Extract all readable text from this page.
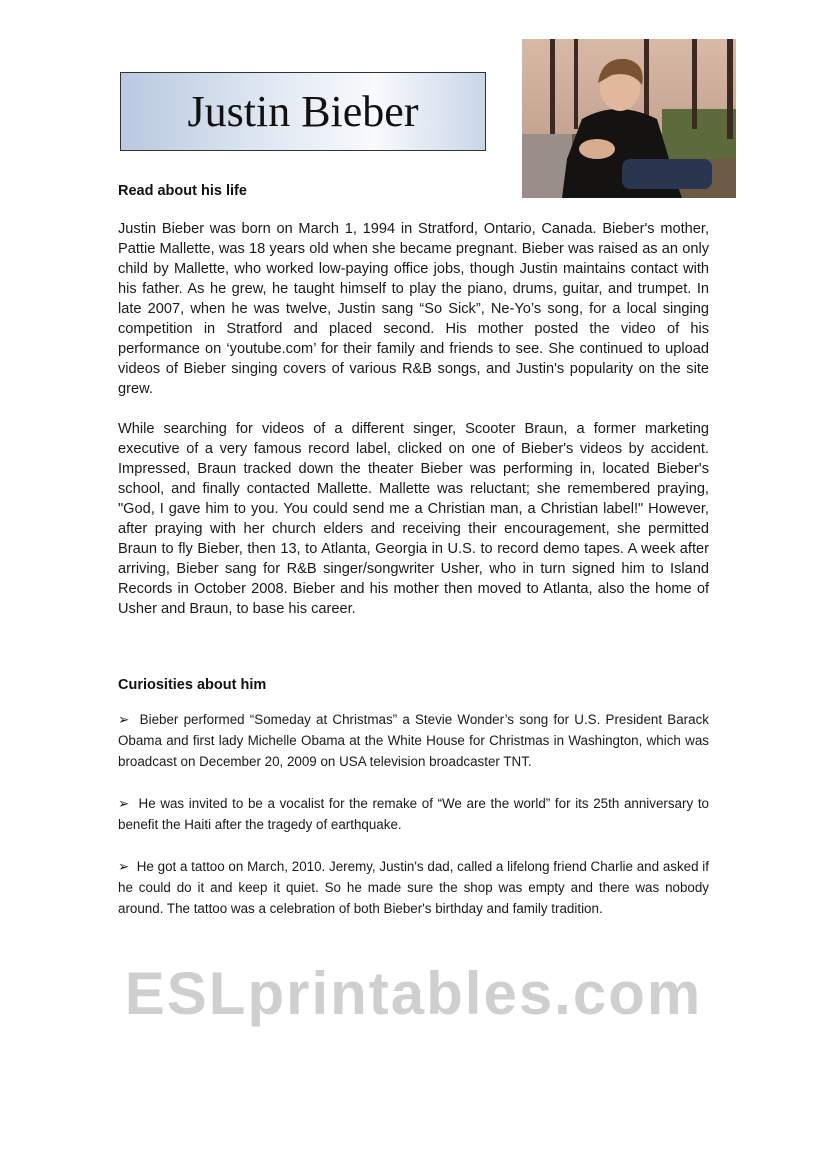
Justin Bieber

Read about his life

Justin Bieber was born on March 1, 1994 in Stratford, Ontario, Canada. Bieber's mother, Pattie Mallette, was 18 years old when she became pregnant. Bieber was raised as an only child by Mallette, who worked low-paying office jobs, though Justin maintains contact with his father. As he grew, he taught himself to play the piano, drums, guitar, and trumpet. In late 2007, when he was twelve, Justin sang “So Sick”, Ne-Yo’s song, for a local singing competition in Stratford and placed second. His mother posted the video of his performance on ‘youtube.com’ for their family and friends to see. She continued to upload videos of Bieber singing covers of various R&B songs, and Justin's popularity on the site grew.

While searching for videos of a different singer, Scooter Braun, a former marketing executive of a very famous record label, clicked on one of Bieber's videos by accident. Impressed, Braun tracked down the theater Bieber was performing in, located Bieber's school, and finally contacted Mallette. Mallette was reluctant; she remembered praying, "God, I gave him to you. You could send me a Christian man, a Christian label!" However, after praying with her church elders and receiving their encouragement, she permitted Braun to fly Bieber, then 13, to Atlanta, Georgia in U.S. to record demo tapes. A week after arriving, Bieber sang for R&B singer/songwriter Usher, who in turn signed him to Island Records in October 2008. Bieber and his mother then moved to Atlanta, also the home of Usher and Braun, to base his career.

Curiosities about him

➢ Bieber performed “Someday at Christmas” a Stevie Wonder’s song for U.S. President Barack Obama and first lady Michelle Obama at the White House for Christmas in Washington, which was broadcast on December 20, 2009 on USA television broadcaster TNT.

➢ He was invited to be a vocalist for the remake of “We are the world” for its 25th anniversary to benefit the Haiti after the tragedy of earthquake.

➢ He got a tattoo on March, 2010. Jeremy, Justin's dad, called a lifelong friend Charlie and asked if he could do it and keep it quiet. So he made sure the shop was empty and there was nobody around. The tattoo was a celebration of both Bieber's birthday and family tradition.

ESLprintables.com
